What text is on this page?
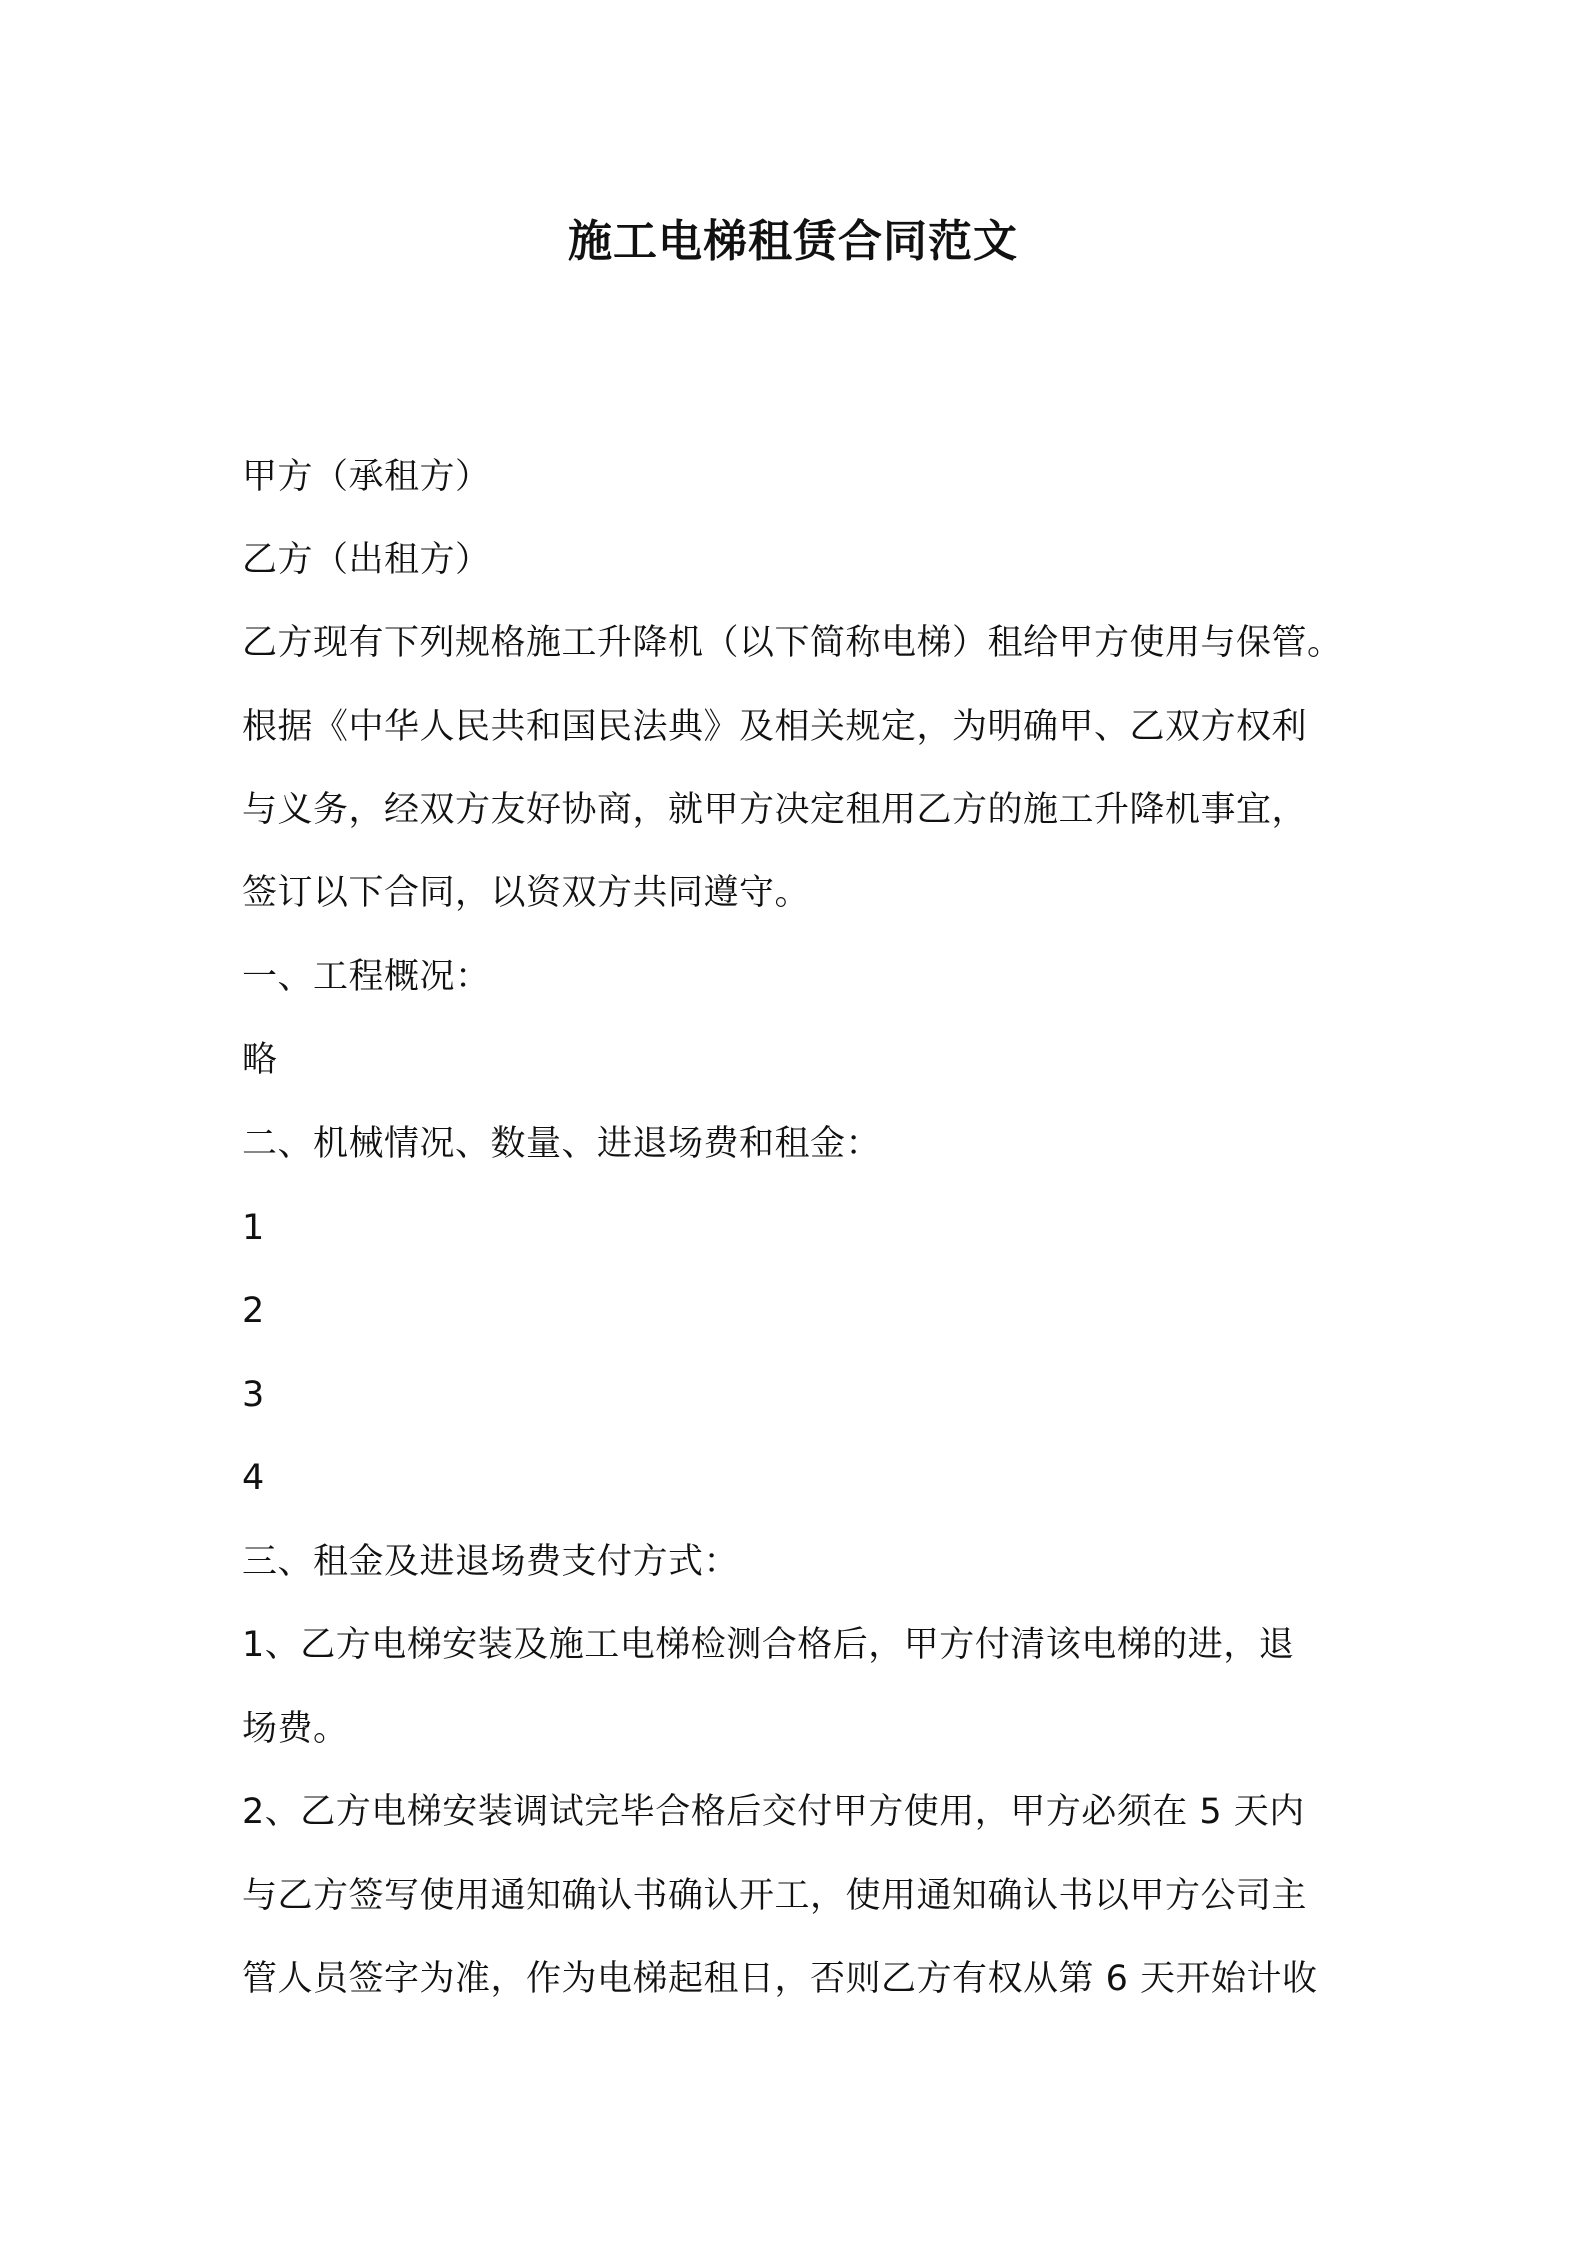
施工电梯租赁合同范文
甲方（承租方）
乙方（出租方）
乙方现有下列规格施工升降机（以下简称电梯）租给甲方使用与保管。
根据《中华人民共和国民法典》及相关规定，为明确甲、乙双方权利
与义务，经双方友好协商，就甲方决定租用乙方的施工升降机事宜，
签订以下合同，以资双方共同遵守。
一、工程概况：
略
二、机械情况、数量、进退场费和租金：
1
2
3
4
三、租金及进退场费支付方式：
1、乙方电梯安装及施工电梯检测合格后，甲方付清该电梯的进，退
场费。
2、乙方电梯安装调试完毕合格后交付甲方使用，甲方必须在 5 天内
与乙方签写使用通知确认书确认开工，使用通知确认书以甲方公司主
管人员签字为准，作为电梯起租日，否则乙方有权从第 6 天开始计收
